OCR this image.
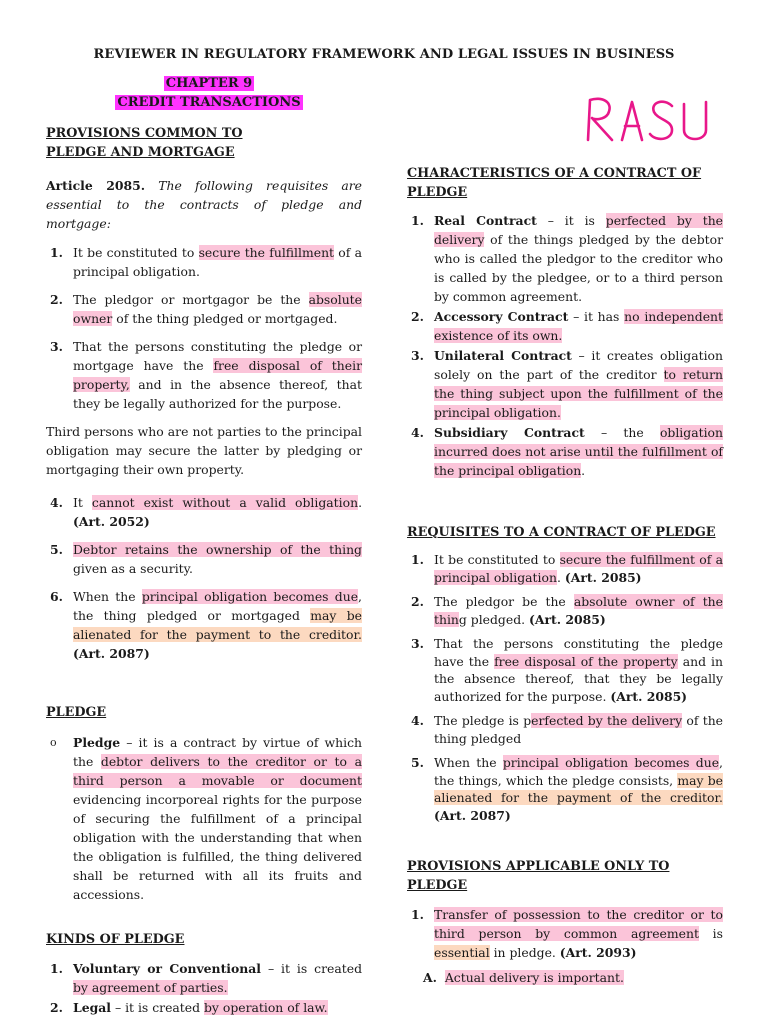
REVIEWER IN REGULATORY FRAMEWORK AND LEGAL ISSUES IN BUSINESS
CHAPTER 9
CREDIT TRANSACTIONS
PROVISIONS COMMON TO
PLEDGE AND MORTGAGE

Article 2085. The following requisites are essential to the contracts of pledge and mortgage:

1. It be constituted to secure the fulfillment of a principal obligation.
2. The pledgor or mortgagor be the absolute owner of the thing pledged or mortgaged.
3. That the persons constituting the pledge or mortgage have the free disposal of their property, and in the absence thereof, that they be legally authorized for the purpose.

Third persons who are not parties to the principal obligation may secure the latter by pledging or mortgaging their own property.

4. It cannot exist without a valid obligation. (Art. 2052)
5. Debtor retains the ownership of the thing given as a security.
6. When the principal obligation becomes due, the thing pledged or mortgaged may be alienated for the payment to the creditor. (Art. 2087)
PLEDGE
o Pledge – it is a contract by virtue of which the debtor delivers to the creditor or to a third person a movable or document evidencing incorporeal rights for the purpose of securing the fulfillment of a principal obligation with the understanding that when the obligation is fulfilled, the thing delivered shall be returned with all its fruits and accessions.
KINDS OF PLEDGE
1. Voluntary or Conventional – it is created by agreement of parties.
2. Legal – it is created by operation of law.
CHARACTERISTICS OF A CONTRACT OF PLEDGE
1. Real Contract – it is perfected by the delivery of the things pledged by the debtor who is called the pledgor to the creditor who is called by the pledgee, or to a third person by common agreement.
2. Accessory Contract – it has no independent existence of its own.
3. Unilateral Contract – it creates obligation solely on the part of the creditor to return the thing subject upon the fulfillment of the principal obligation.
4. Subsidiary Contract – the obligation incurred does not arise until the fulfillment of the principal obligation.
REQUISITES TO A CONTRACT OF PLEDGE
1. It be constituted to secure the fulfillment of a principal obligation. (Art. 2085)
2. The pledgor be the absolute owner of the thing pledged. (Art. 2085)
3. That the persons constituting the pledge have the free disposal of the property and in the absence thereof, that they be legally authorized for the purpose. (Art. 2085)
4. The pledge is perfected by the delivery of the thing pledged
5. When the principal obligation becomes due, the things, which the pledge consists, may be alienated for the payment of the creditor.(Art. 2087)
PROVISIONS APPLICABLE ONLY TO PLEDGE
1. Transfer of possession to the creditor or to third person by common agreement is essential in pledge. (Art. 2093)
A. Actual delivery is important.
